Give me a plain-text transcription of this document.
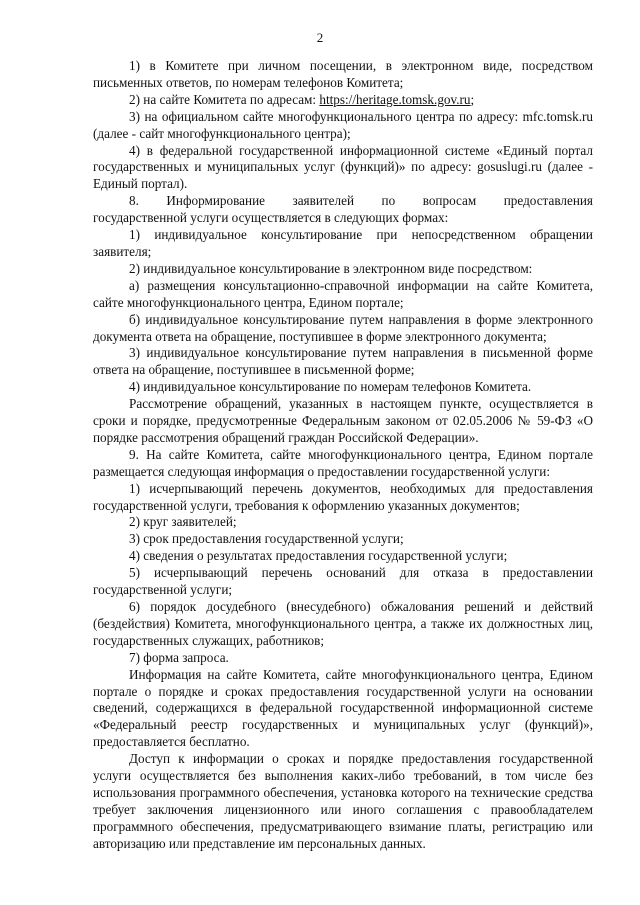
2

1) в Комитете при личном посещении, в электронном виде, посредством письменных ответов, по номерам телефонов Комитета;

2) на сайте Комитета по адресам: https://heritage.tomsk.gov.ru;

3) на официальном сайте многофункционального центра по адресу: mfc.tomsk.ru (далее - сайт многофункционального центра);

4) в федеральной государственной информационной системе «Единый портал государственных и муниципальных услуг (функций)» по адресу: gosuslugi.ru (далее - Единый портал).

8.  Информирование  заявителей  по  вопросам  предоставления государственной услуги осуществляется в следующих формах:

1) индивидуальное консультирование при непосредственном обращении заявителя;

2) индивидуальное консультирование в электронном виде посредством:

а) размещения консультационно-справочной информации на сайте Комитета, сайте многофункционального центра, Едином портале;

б) индивидуальное консультирование путем направления в форме электронного документа ответа на обращение, поступившее в форме электронного документа;

3) индивидуальное консультирование путем направления в письменной форме ответа на обращение, поступившее в письменной форме;

4) индивидуальное консультирование по номерам телефонов Комитета.

Рассмотрение обращений, указанных в настоящем пункте, осуществляется в сроки и порядке, предусмотренные Федеральным законом от 02.05.2006 № 59-ФЗ «О порядке рассмотрения обращений граждан Российской Федерации».

9. На сайте Комитета, сайте многофункционального центра, Едином портале размещается следующая информация о предоставлении государственной услуги:

1) исчерпывающий перечень документов, необходимых для предоставления государственной услуги, требования к оформлению указанных документов;

2) круг заявителей;

3) срок предоставления государственной услуги;

4) сведения о результатах предоставления государственной услуги;

5) исчерпывающий перечень оснований для отказа в предоставлении государственной услуги;

6) порядок досудебного (внесудебного) обжалования решений и действий (бездействия) Комитета, многофункционального центра, а также их должностных лиц, государственных служащих, работников;

7) форма запроса.

Информация на сайте Комитета, сайте многофункционального центра, Едином портале о порядке и сроках предоставления государственной услуги на основании сведений, содержащихся в федеральной государственной информационной системе «Федеральный реестр государственных и муниципальных услуг (функций)», предоставляется бесплатно.

Доступ к информации о сроках и порядке предоставления государственной услуги осуществляется без выполнения каких-либо требований, в том числе без использования программного обеспечения, установка которого на технические средства требует заключения лицензионного или иного соглашения с правообладателем программного обеспечения, предусматривающего взимание платы, регистрацию или авторизацию или представление им персональных данных.
